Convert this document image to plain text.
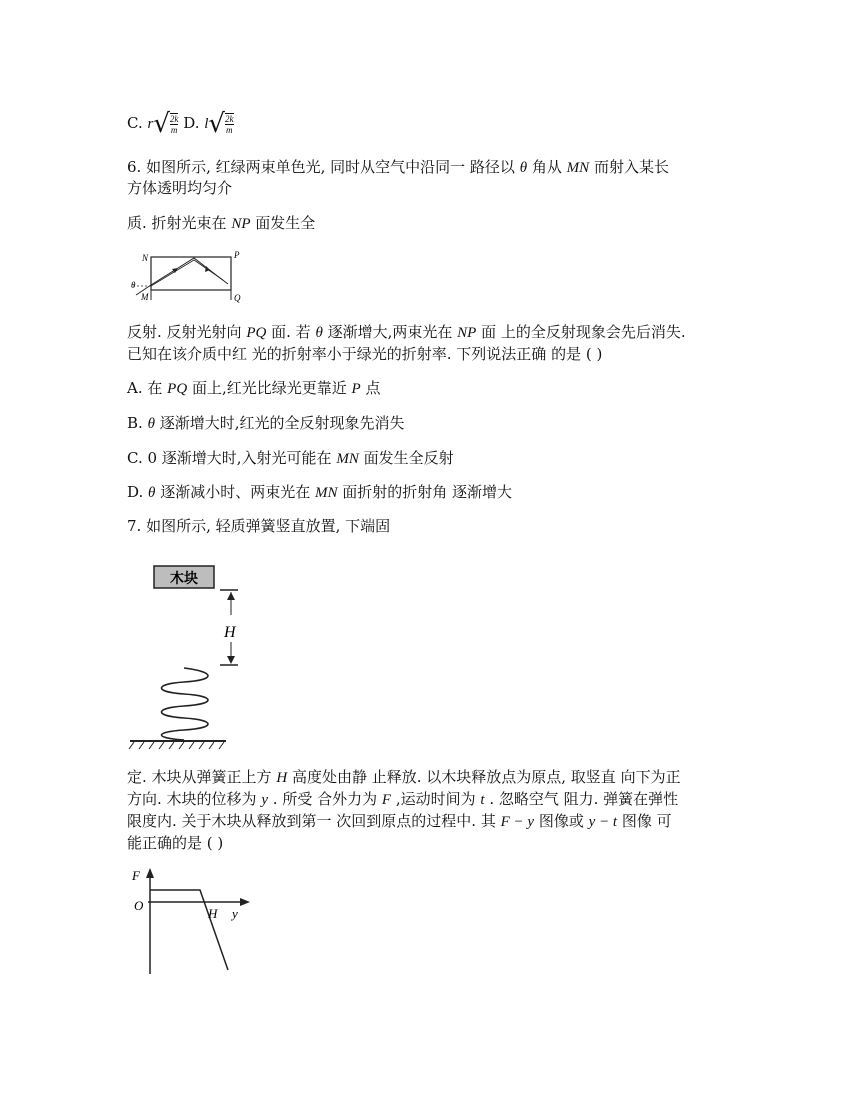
C. $r√ \frac{2k}{m} D$. $l√ \frac{2k}{m}$
6. 如图所示, 红绿两束单色光, 同时从空气中沿同一 路径以 θ 角从 MN 而射入某长
方体透明均匀介
质. 折射光束在 NP 面发生全
N	P
M	Q
θ
反射. 反射光射向 PQ 面. 若 θ 逐渐增大,两束光在 NP 面 上的全反射现象会先后消失.
已知在该介质中红 光的折射率小于绿光的折射率. 下列说法正确 的是 ( )
A. 在 PQ 面上,红光比绿光更靠近 P 点
B. θ 逐渐增大时,红光的全反射现象先消失
C. 0 逐渐增大时,入射光可能在 MN 面发生全反射
D. θ 逐渐减小时、两束光在 MN 面折射的折射角 逐渐增大
7. 如图所示, 轻质弹簧竖直放置, 下端固
木块
H
定. 木块从弹簧正上方 H 高度处由静 止释放. 以木块释放点为原点, 取竖直 向下为正
方向. 木块的位移为 y . 所受 合外力为 F ,运动时间为 t . 忽略空气 阻力. 弹簧在弹性
限度内. 关于木块从释放到第一 次回到原点的过程中. 其 F − y 图像或 y − t 图像 可
能正确的是 ( )
F
O
H y
